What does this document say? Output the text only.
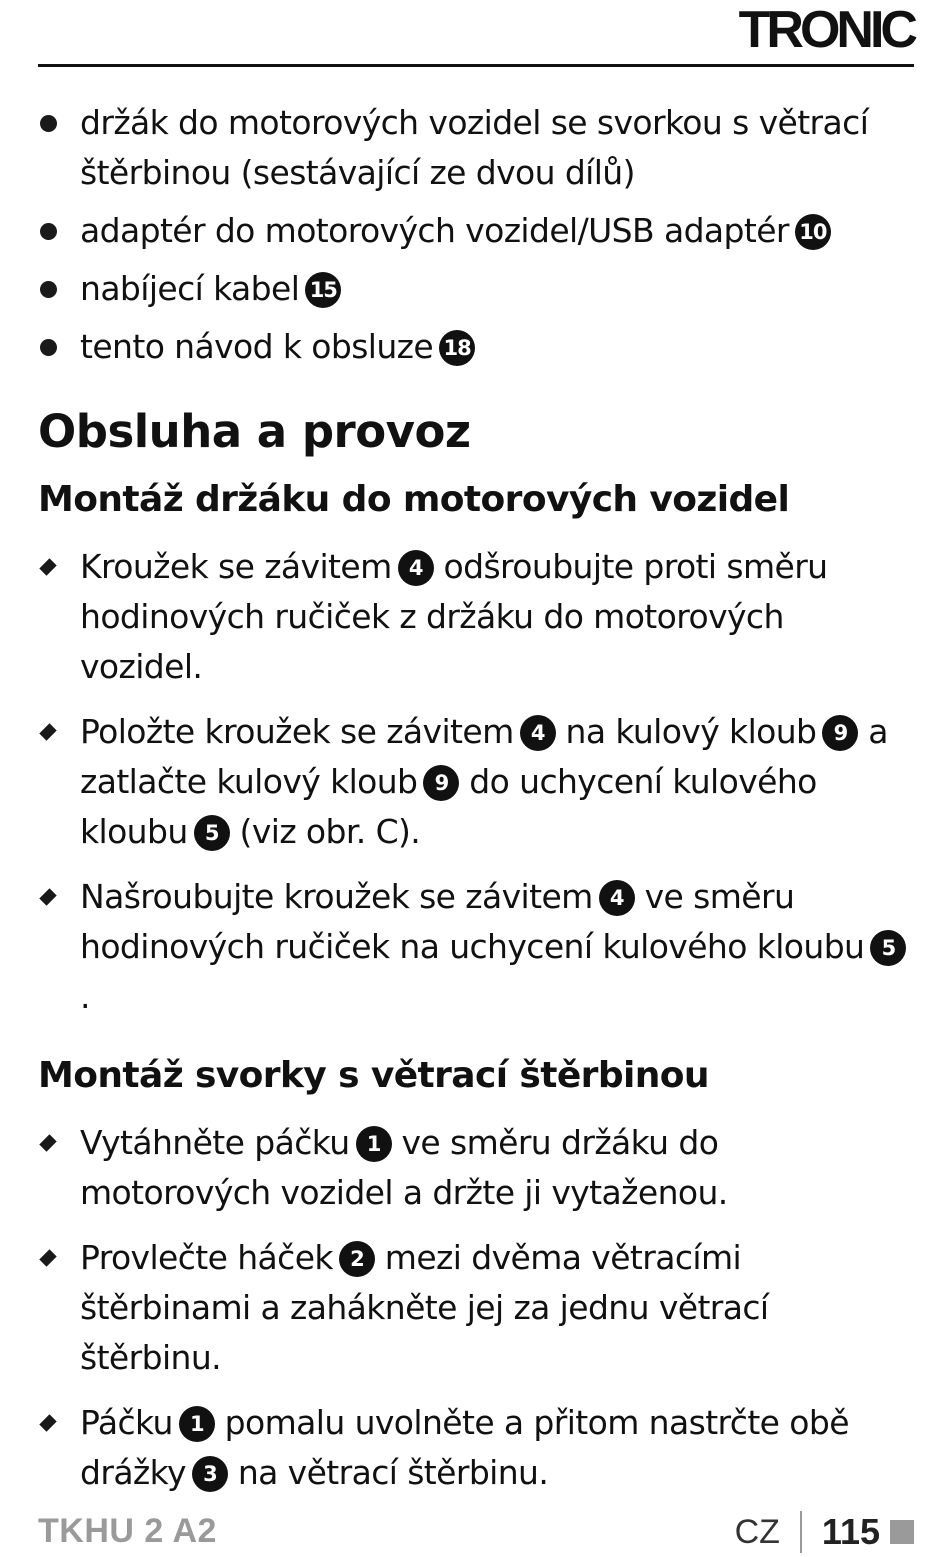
TRONIC
držák do motorových vozidel se svorkou s větrací štěrbinou (sestávající ze dvou dílů)
adaptér do motorových vozidel/USB adaptér 10
nabíjecí kabel 15
tento návod k obsluze 18
Obsluha a provoz
Montáž držáku do motorových vozidel
Kroužek se závitem 4 odšroubujte proti směru hodinových ručiček z držáku do motorových vozidel.
Položte kroužek se závitem 4 na kulový kloub 9 a zatlačte kulový kloub 9 do uchycení kulového kloubu 5 (viz obr. C).
Našroubujte kroužek se závitem 4 ve směru hodinových ručiček na uchycení kulového kloubu 5.
Montáž svorky s větrací štěrbinou
Vytáhněte páčku 1 ve směru držáku do motorových vozidel a držte ji vytaženou.
Provlečte háček 2 mezi dvěma větracími štěrbinami a zahákněte jej za jednu větrací štěrbinu.
Páčku 1 pomalu uvolněte a přitom nastrčte obě drážky 3 na větrací štěrbinu.
TKHU 2 A2	CZ 115
